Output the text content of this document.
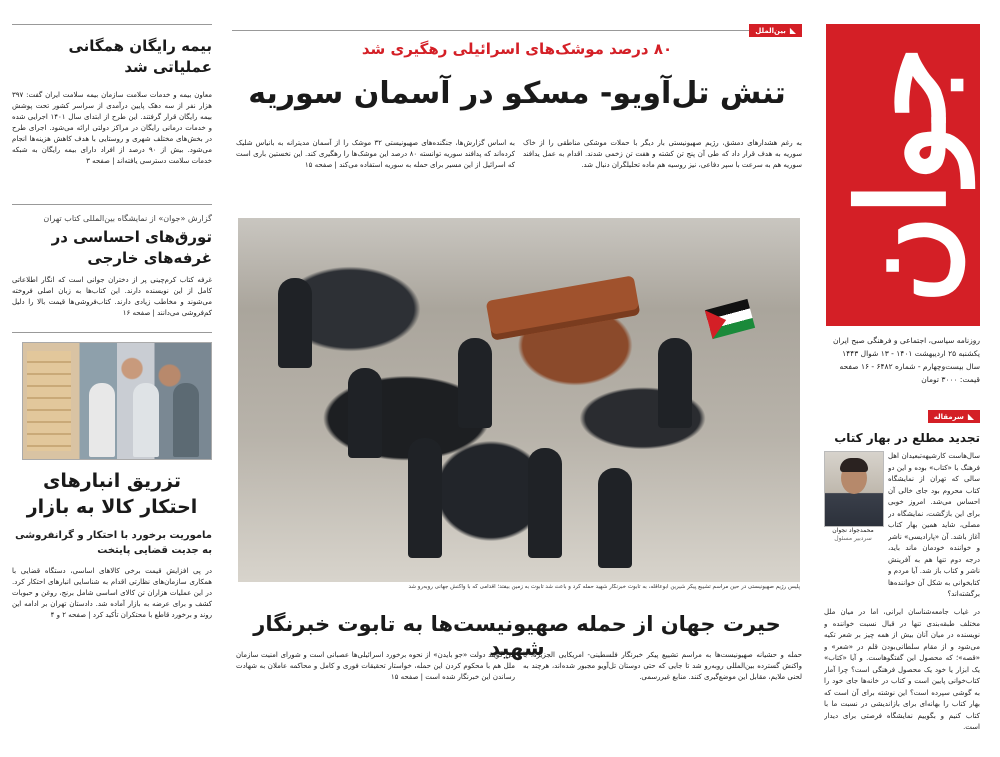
جوان
روزنامه سیاسی، اجتماعی و فرهنگی صبح ایران
یکشنبه ۲۵ اردیبهشت ۱۴۰۱ - ۱۳ شوال ۱۴۴۳
سال بیست‌وچهارم - شماره ۶۴۸۲ - ۱۶ صفحه
قیمت: ۳۰۰۰ تومان
◣
سرمقاله
تجدید مطلع در بهار کتاب
محمدجواد نجوان
سردبیر مسئول
سال‌هاست کارشیهه‌تبعیدان اهل فرهنگ با «کتاب» بوده و این دو سالی که تهران از نمایشگاه کتاب محروم بود جای خالی آن احساس می‌شد. امروز خوبی برای این بازگشت، نمایشگاه در مصلی، شاید همین بهار کتاب آغاز باشد. آن «پارادیسی» ناشر و خواننده خودمان ماند باید، درجه دوم تنها هم به آفرینش ناشر و کتاب باز شد. آیا مردم و کتابخوانی به شکل آن خواننده‌ها برگشته‌اند؟
در غیاب جامعه‌شناسان ایرانی، اما در میان ملل مختلف طبقه‌بندی تنها در قبال نسبت خواننده و نویسنده در میان آنان بیش از همه چیز بر شعر تکیه می‌شود و از مقام سلطانی‌بودن قلم در «شعر» و «قصه»؛ که محصول این گفتگوهاست. و آیا «کتاب» یک ابزار یا خود یک محصول فرهنگی است؟ چرا آمار کتاب‌خوانی پایین است و کتاب در خانه‌ها جای خود را به گوشی سپرده است؟ این نوشته برای آن است که بهار کتاب را بهانه‌ای برای بازاندیشی در نسبت ما با کتاب کنیم و بگوییم نمایشگاه فرصتی برای دیدار است.
◣
بین‌الملل
۸۰ درصد موشک‌های اسرائیلی رهگیری شد
تنش تل‌آویو- مسکو در آسمان سوریه
به رغم هشدارهای دمشق، رژیم صهیونیستی بار دیگر با حملات موشکی مناطقی را از خاک سوریه به هدف قرار داد که طی آن پنج تن کشته و هفت تن زخمی شدند. اقدام به عمل یدافند سوریه هم به سرعت با سپر دفاعی، نیز روسیه هم ماده تحلیلگران دنبال شد.
به اساس گزارش‌ها، جنگنده‌های صهیونیستی ۳۲ موشک را از آسمان مدیترانه به بانیاس شلیک کرده‌اند که پدافند سوریه توانسته ۸۰ درصد این موشک‌ها را رهگیری کند. این نخستین باری است که اسرائیل از این مسیر برای حمله به سوریه استفاده می‌کند | صفحه ۱۵
پلیس رژیم صهیونیستی در حین مراسم تشییع پیکر شیرین ابوعاقله، به تابوت خبرنگار شهید حمله کرد و باعث شد تابوت به زمین بیفتد؛ اقدامی که با واکنش جهانی روبه‌رو شد
حیرت جهان از حمله صهیونیست‌ها به تابوت خبرنگار شهید
حمله و حشیانه صهیونیست‌ها به مراسم تشییع پیکر خبرنگار فلسطینی- امریکایی الجزیره، با واکنش گسترده بین‌المللی روبه‌رو شد تا جایی که حتی دوستان تل‌آویو مجبور شده‌اند، هرچند به لحنی ملایم، مقابل این موضع‌گیری کنند. منابع غیررسمی.
می گویند دولت «جو بایدن» از نحوه برخورد اسرائیلی‌ها عصبانی است و شورای امنیت سازمان ملل هم با محکوم کردن این حمله، خواستار تحقیقات فوری و کامل و محاکمه عاملان به شهادت رساندن این خبرنگار شده است | صفحه ۱۵
بیمه رایگان همگانی عملیاتی شد
معاون بیمه و خدمات سلامت سازمان بیمه سلامت ایران گفت: ۳۹۷ هزار نفر از سه دهک پایین درآمدی از سراسر کشور تحت پوشش بیمه رایگان قرار گرفتند. این طرح از ابتدای سال ۱۴۰۱ اجرایی شده و خدمات درمانی رایگان در مراکز دولتی ارائه می‌شود. اجرای طرح در بخش‌های مختلف شهری و روستایی با هدف کاهش هزینه‌ها انجام می‌شود. بیش از ۹۰ درصد از افراد دارای بیمه رایگان به شبکه خدمات سلامت دسترسی یافته‌اند | صفحه ۳
گزارش «جوان» از نمایشگاه بین‌المللی کتاب تهران
تورق‌های احساسی در غرفه‌های خارجی
غرفه کتاب کرم‌چینی پر از دختران جوانی است که انگار اطلاعاتی کامل از این نویسنده دارند. این کتاب‌ها به زبان اصلی فروخته می‌شوند و مخاطب زیادی دارند. کتاب‌فروشی‌ها قیمت بالا را دلیل کم‌فروشی می‌دانند | صفحه ۱۶
تزریق انبارهای احتکار کالا به بازار
ماموریت برخورد با احتکار و گرانفروشی
به جدیت قضایی پایتخت
در پی افزایش قیمت برخی کالاهای اساسی، دستگاه قضایی با همکاری سازمان‌های نظارتی اقدام به شناسایی انبارهای احتکار کرد. در این عملیات هزاران تن کالای اساسی شامل برنج، روغن و حبوبات کشف و برای عرضه به بازار آماده شد. دادستان تهران بر ادامه این روند و برخورد قاطع با محتکران تأکید کرد | صفحه ۲ و ۴
